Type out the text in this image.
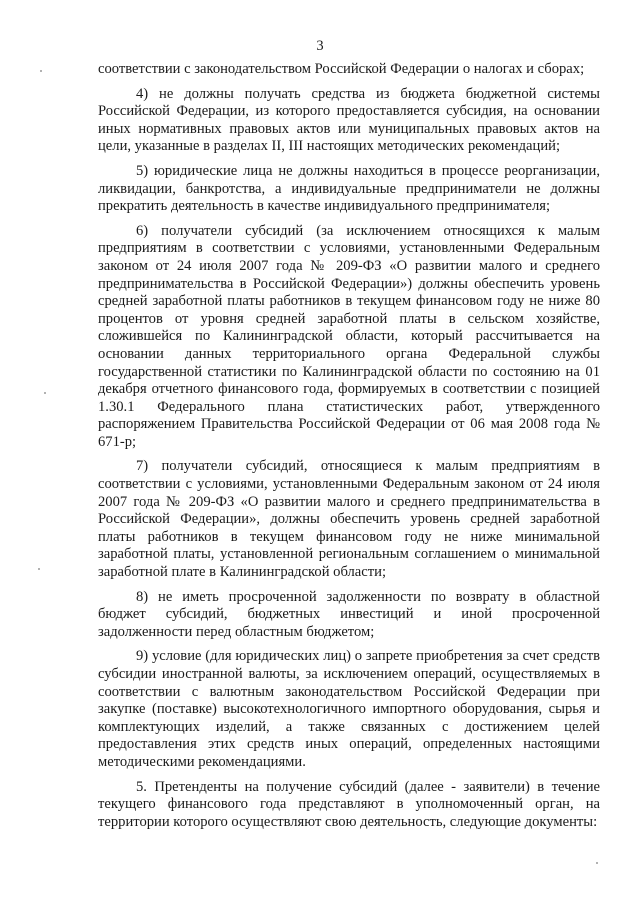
3

соответствии с законодательством Российской Федерации о налогах и сборах;

4) не должны получать средства из бюджета бюджетной системы Российской Федерации, из которого предоставляется субсидия, на основании иных нормативных правовых актов или муниципальных правовых актов на цели, указанные в разделах II, III настоящих методических рекомендаций;

5) юридические лица не должны находиться в процессе реорганизации, ликвидации, банкротства, а индивидуальные предприниматели не должны прекратить деятельность в качестве индивидуального предпринимателя;

6) получатели субсидий (за исключением относящихся к малым предприятиям в соответствии с условиями, установленными Федеральным законом от 24 июля 2007 года № 209-ФЗ «О развитии малого и среднего предпринимательства в Российской Федерации») должны обеспечить уровень средней заработной платы работников в текущем финансовом году не ниже 80 процентов от уровня средней заработной платы в сельском хозяйстве, сложившейся по Калининградской области, который рассчитывается на основании данных территориального органа Федеральной службы государственной статистики по Калининградской области по состоянию на 01 декабря отчетного финансового года, формируемых в соответствии с позицией 1.30.1 Федерального плана статистических работ, утвержденного распоряжением Правительства Российской Федерации от 06 мая 2008 года № 671-р;

7) получатели субсидий, относящиеся к малым предприятиям в соответствии с условиями, установленными Федеральным законом от 24 июля 2007 года № 209-ФЗ «О развитии малого и среднего предпринимательства в Российской Федерации», должны обеспечить уровень средней заработной платы работников в текущем финансовом году не ниже минимальной заработной платы, установленной региональным соглашением о минимальной заработной плате в Калининградской области;

8) не иметь просроченной задолженности по возврату в областной бюджет субсидий, бюджетных инвестиций и иной просроченной задолженности перед областным бюджетом;

9) условие (для юридических лиц) о запрете приобретения за счет средств субсидии иностранной валюты, за исключением операций, осуществляемых в соответствии с валютным законодательством Российской Федерации при закупке (поставке) высокотехнологичного импортного оборудования, сырья и комплектующих изделий, а также связанных с достижением целей предоставления этих средств иных операций, определенных настоящими методическими рекомендациями.

5. Претенденты на получение субсидий (далее - заявители) в течение текущего финансового года представляют в уполномоченный орган, на территории которого осуществляют свою деятельность, следующие документы:
